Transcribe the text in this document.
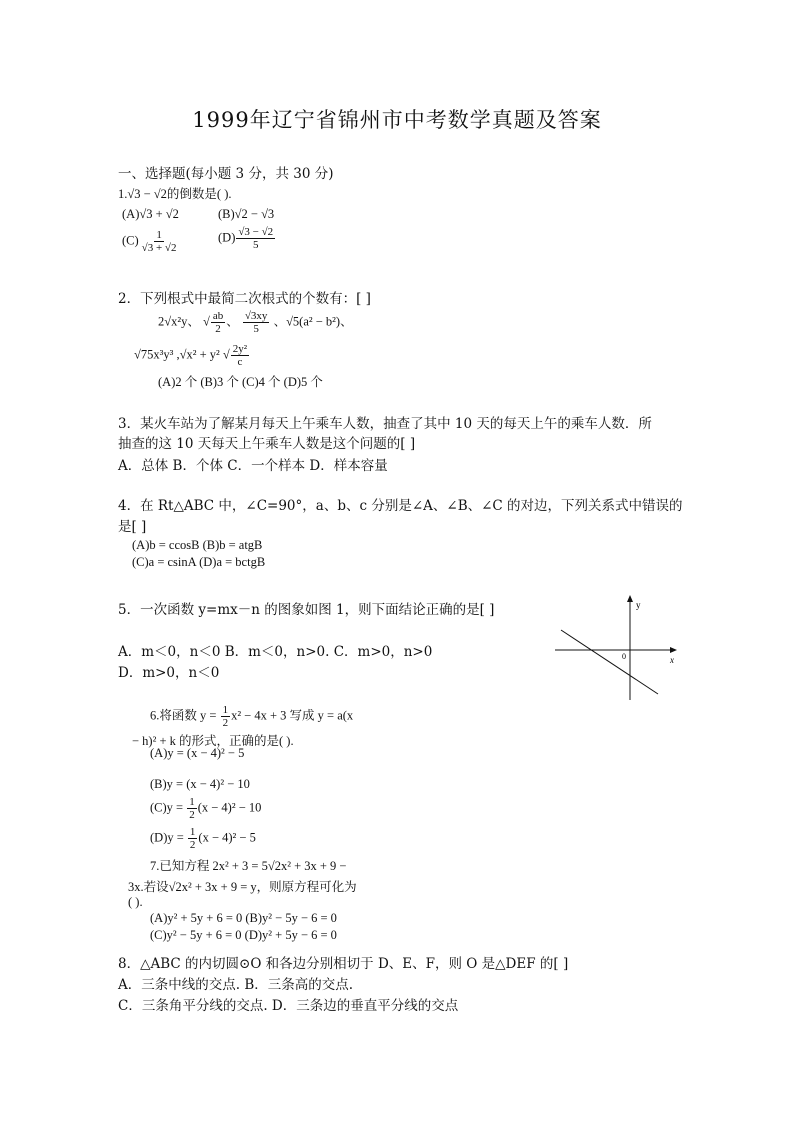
1999年辽宁省锦州市中考数学真题及答案
一、选择题(每小题 3 分，共 30 分)
1.√3 − √2的倒数是( ).
(A)√3 + √2	(B)√2 − √3
$(C) \frac{1}{√3 + √2}$	$(D) \frac{√3 - √2}{5}$
2．下列根式中最简二次根式的个数有：[ ]
2√x²y、 √ $\frac{ab}{2}$ 、 $\frac{√3xy}{5}$ 、√5(a² − b²)、
√75x³y³ ,√x² + y² √ $\frac{\text{2y²}}{c}$
(A)2 个 (B)3 个 (C)4 个 (D)5 个
3．某火车站为了解某月每天上午乘车人数，抽查了其中 10 天的每天上午的乘车人数．所
抽查的这 10 天每天上午乘车人数是这个问题的[ ]
A．总体 B．个体 C．一个样本 D．样本容量
4．在 Rt△ABC 中，∠C=90°，a、b、c 分别是∠A、∠B、∠C 的对边，下列关系式中错误的
是[ ]
(A)b = ccosB (B)b = atgB
(C)a = csinA (D)a = bctgB
5．一次函数 y=mx－n 的图象如图 1，则下面结论正确的是[ ]
A．m＜0，n＜0 B．m＜0，n>0. C．m>0，n>0
D．m>0，n＜0
y
x
0
6.将函数 $y = \frac{1}{2} x^2 - 4x + 3$ 写成 y = a(x
− h)² + k 的形式，正确的是( ).
(A)y = (x − 4)² − 5
(B)y = (x − 4)² − 10
$(C)y = \frac{1}{2} (x - 4)^2 - 10$
$(D)y = \frac{1}{2} (x - 4)^2 - 5$
7.已知方程 2x² + 3 = 5√2x² + 3x + 9 −
3x.若设√2x² + 3x + 9 = y，则原方程可化为
( ).
(A)y² + 5y + 6 = 0 (B)y² − 5y − 6 = 0
(C)y² − 5y + 6 = 0 (D)y² + 5y − 6 = 0
8．△ABC 的内切圆⊙O 和各边分别相切于 D、E、F，则 O 是△DEF 的[ ]
A．三条中线的交点. B．三条高的交点.
C．三条角平分线的交点. D．三条边的垂直平分线的交点
